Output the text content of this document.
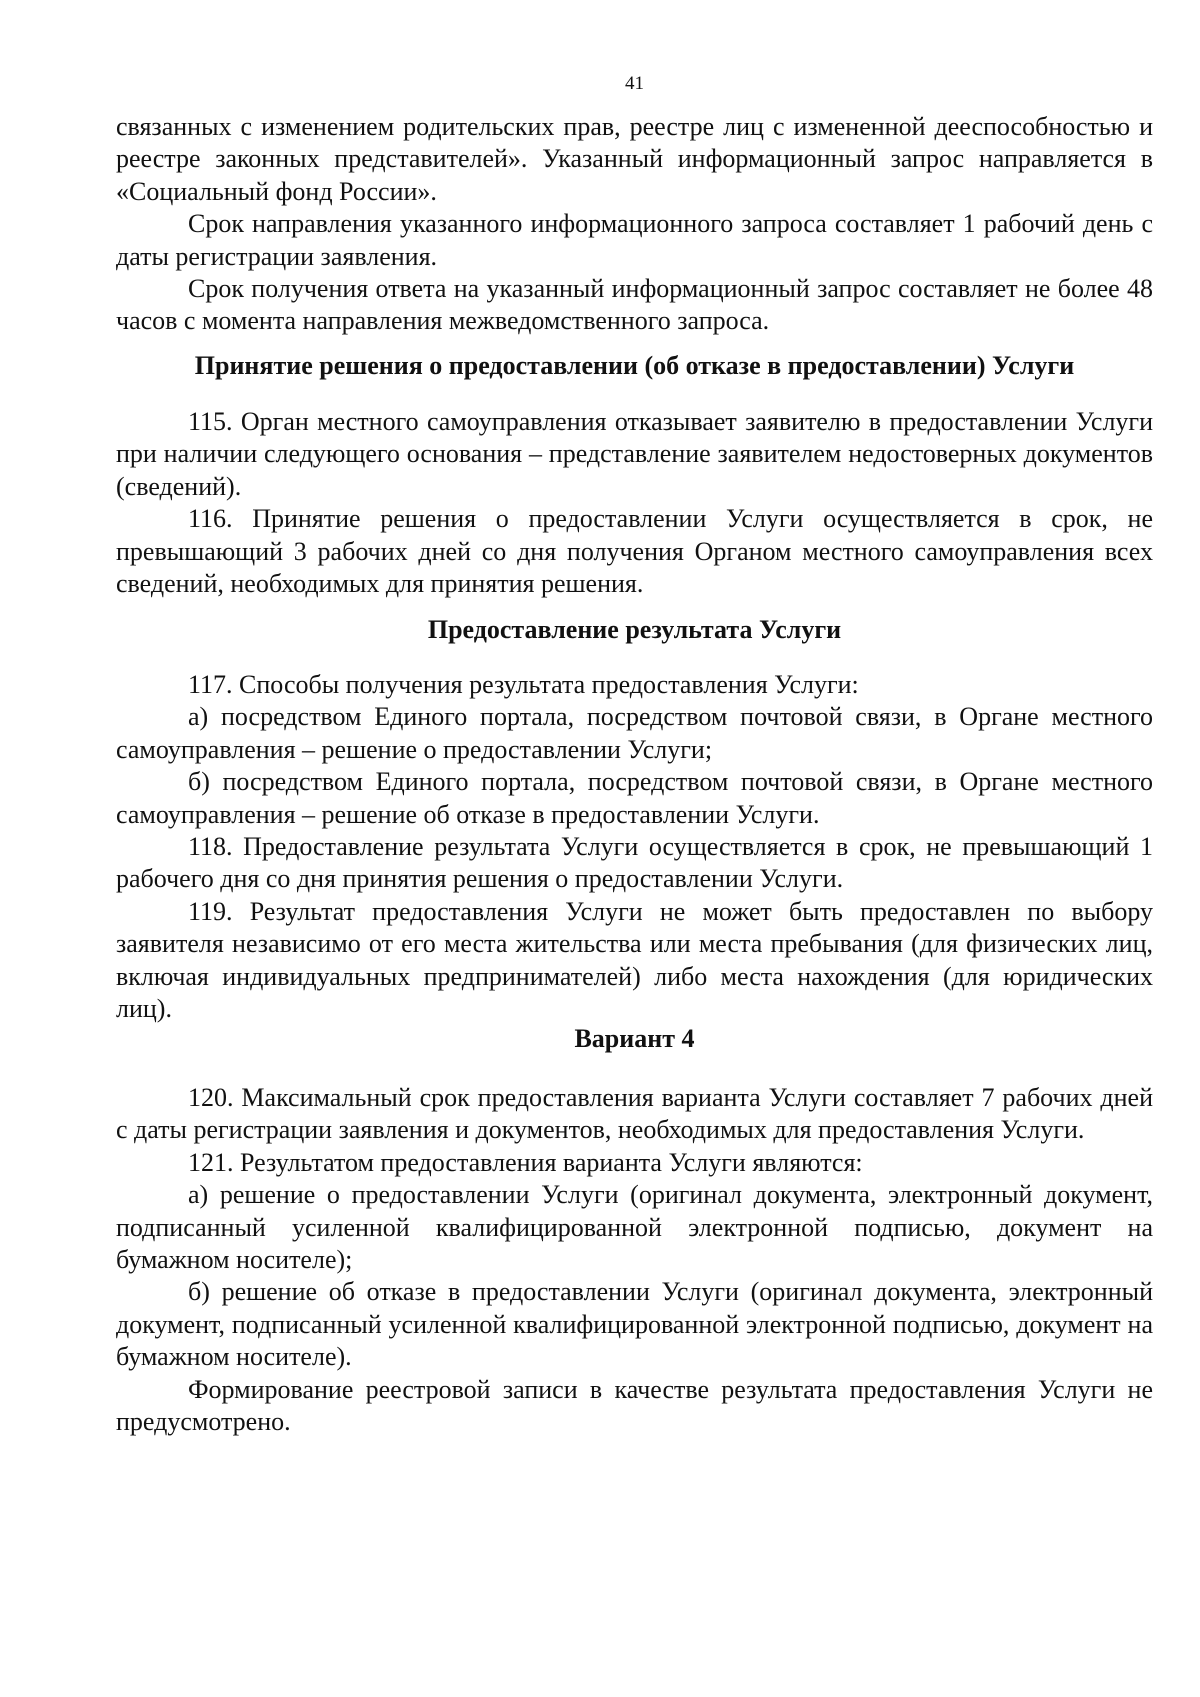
41

связанных с изменением родительских прав, реестре лиц с измененной дееспособностью и реестре законных представителей». Указанный информационный запрос направляется в «Социальный фонд России».

Срок направления указанного информационного запроса составляет 1 рабочий день с даты регистрации заявления.

Срок получения ответа на указанный информационный запрос составляет не более 48 часов с момента направления межведомственного запроса.

Принятие решения о предоставлении (об отказе в предоставлении) Услуги

115. Орган местного самоуправления отказывает заявителю в предоставлении Услуги при наличии следующего основания – представление заявителем недостоверных документов (сведений).

116. Принятие решения о предоставлении Услуги осуществляется в срок, не превышающий 3 рабочих дней со дня получения Органом местного самоуправления всех сведений, необходимых для принятия решения.

Предоставление результата Услуги

117. Способы получения результата предоставления Услуги:

а) посредством Единого портала, посредством почтовой связи, в Органе местного самоуправления – решение о предоставлении Услуги;

б) посредством Единого портала, посредством почтовой связи, в Органе местного самоуправления – решение об отказе в предоставлении Услуги.

118. Предоставление результата Услуги осуществляется в срок, не превышающий 1 рабочего дня со дня принятия решения о предоставлении Услуги.

119. Результат предоставления Услуги не может быть предоставлен по выбору заявителя независимо от его места жительства или места пребывания (для физических лиц, включая индивидуальных предпринимателей) либо места нахождения (для юридических лиц).

Вариант 4

120. Максимальный срок предоставления варианта Услуги составляет 7 рабочих дней с даты регистрации заявления и документов, необходимых для предоставления Услуги.

121. Результатом предоставления варианта Услуги являются:

а) решение о предоставлении Услуги (оригинал документа, электронный документ, подписанный усиленной квалифицированной электронной подписью, документ на бумажном носителе);

б) решение об отказе в предоставлении Услуги (оригинал документа, электронный документ, подписанный усиленной квалифицированной электронной подписью, документ на бумажном носителе).

Формирование реестровой записи в качестве результата предоставления Услуги не предусмотрено.
